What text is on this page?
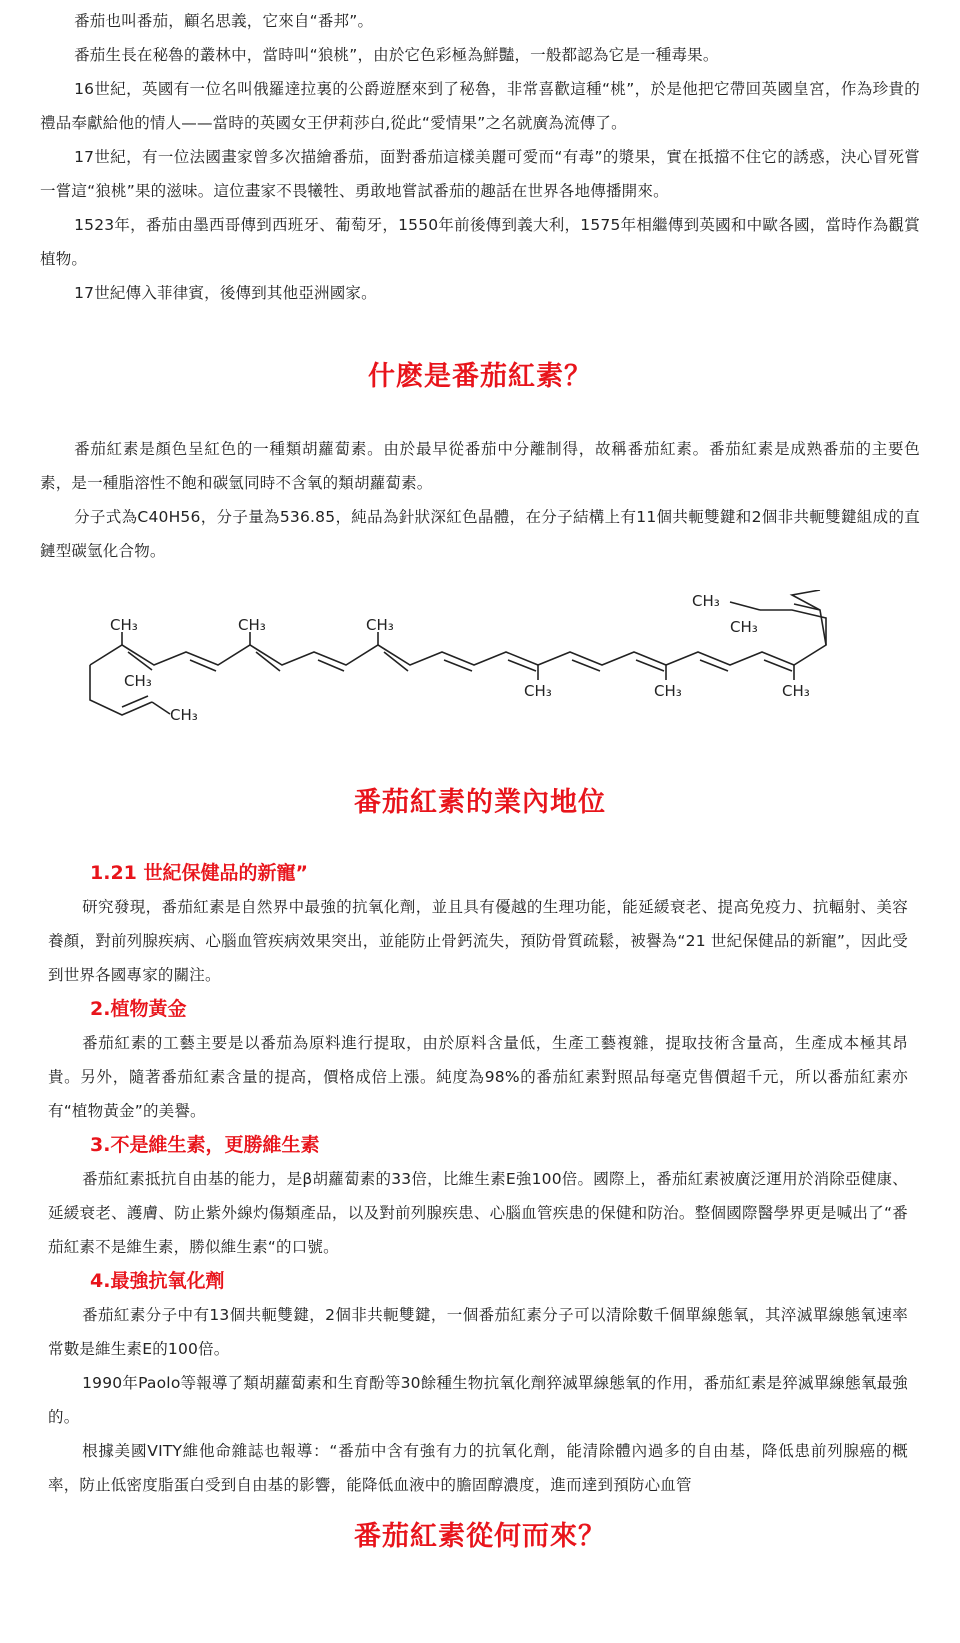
番茄也叫番茄，顧名思義，它來自“番邦”。

番茄生長在秘魯的叢林中，當時叫“狼桃”，由於它色彩極為鮮豔，一般都認為它是一種毒果。

16世紀，英國有一位名叫俄羅達拉裏的公爵遊歷來到了秘魯，非常喜歡這種“桃”，於是他把它帶回英國皇宮，作為珍貴的禮品奉獻給他的情人——當時的英國女王伊莉莎白,從此“愛情果”之名就廣為流傳了。

17世紀，有一位法國畫家曾多次描繪番茄，面對番茄這樣美麗可愛而“有毒”的漿果，實在抵擋不住它的誘惑，決心冒死嘗一嘗這“狼桃”果的滋味。這位畫家不畏犧牲、勇敢地嘗試番茄的趣話在世界各地傳播開來。

1523年，番茄由墨西哥傳到西班牙、葡萄牙，1550年前後傳到義大利，1575年相繼傳到英國和中歐各國，當時作為觀賞植物。

17世紀傳入菲律賓，後傳到其他亞洲國家。

什麽是番茄紅素？

番茄紅素是顏色呈紅色的一種類胡蘿蔔素。由於最早從番茄中分離制得，故稱番茄紅素。番茄紅素是成熟番茄的主要色素，是一種脂溶性不飽和碳氫同時不含氧的類胡蘿蔔素。

分子式為C40H56，分子量為536.85，純品為針狀深紅色晶體，在分子結構上有11個共軛雙鍵和2個非共軛雙鍵組成的直鏈型碳氫化合物。

CH₃	CH₃	CH₃
CH₃	CH₃	CH₃
CH₃
CH₃
CH₃
CH₃
番茄紅素的業內地位
1.21 世紀保健品的新寵”

研究發現，番茄紅素是自然界中最強的抗氧化劑，並且具有優越的生理功能，能延緩衰老、提高免疫力、抗輻射、美容養顏，對前列腺疾病、心腦血管疾病效果突出，並能防止骨鈣流失，預防骨質疏鬆，被譽為“21 世紀保健品的新寵”，因此受到世界各國專家的關注。

2.植物黃金

番茄紅素的工藝主要是以番茄為原料進行提取，由於原料含量低，生產工藝複雜，提取技術含量高，生產成本極其昂貴。另外，隨著番茄紅素含量的提高，價格成倍上漲。純度為98%的番茄紅素對照品每毫克售價超千元，所以番茄紅素亦有“植物黃金”的美譽。

3.不是維生素，更勝維生素

番茄紅素抵抗自由基的能力，是β胡蘿蔔素的33倍，比維生素E強100倍。國際上，番茄紅素被廣泛運用於消除亞健康、延緩衰老、護膚、防止紫外線灼傷類產品，以及對前列腺疾患、心腦血管疾患的保健和防治。整個國際醫學界更是喊出了“番茄紅素不是維生素，勝似維生素“的口號。

4.最強抗氧化劑

番茄紅素分子中有13個共軛雙鍵，2個非共軛雙鍵，一個番茄紅素分子可以清除數千個單線態氧，其淬滅單線態氧速率常數是維生素E的100倍。

1990年Paolo等報導了類胡蘿蔔素和生育酚等30餘種生物抗氧化劑猝滅單線態氧的作用，番茄紅素是猝滅單線態氧最強的。

根據美國VITY維他命雜誌也報導：“番茄中含有強有力的抗氧化劑，能清除體內過多的自由基，降低患前列腺癌的概率，防止低密度脂蛋白受到自由基的影響，能降低血液中的膽固醇濃度，進而達到預防心血管

番茄紅素從何而來？
